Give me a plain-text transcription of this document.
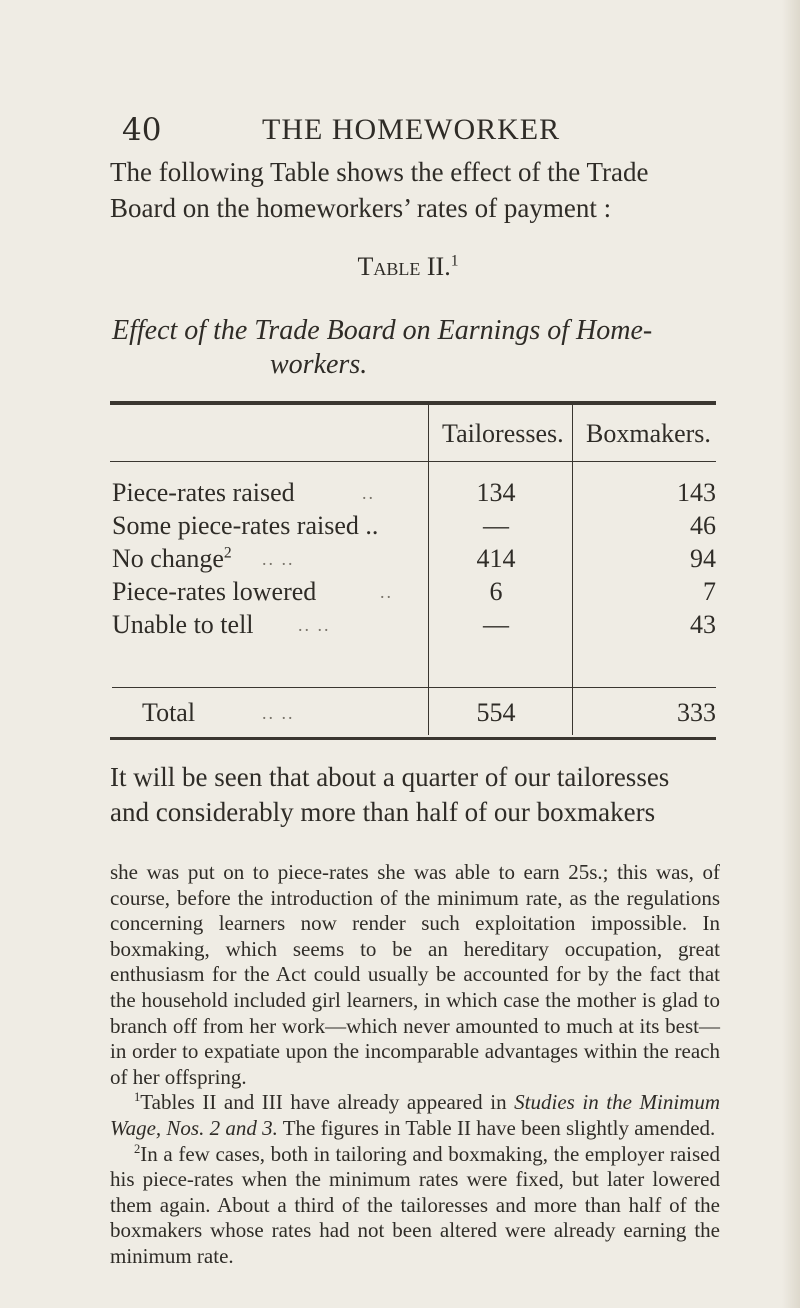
40	THE HOMEWORKER
The following Table shows the effect of the Trade
Board on the homeworkers’ rates of payment :
Table II.$^1$
Effect of the Trade Board on Earnings of Home-
workers.
Tailoresses. Boxmakers.
Piece-rates raised	..	134	143
Some piece-rates raised ..	—	46
No change$^2$ .. ..	414	94
Piece-rates lowered	..	6	7
Unable to tell .. ..	—	43
Total	.. ..	554	333
It will be seen that about a quarter of our tailoresses
and considerably more than half of our boxmakers
she was put on to piece-rates she was able to earn 25s.; this was, of course, before the introduction of the minimum rate, as the regulations concerning learners now render such exploitation impossible. In boxmaking, which seems to be an hereditary occupation, great enthusiasm for the Act could usually be accounted for by the fact that the household included girl learners, in which case the mother is glad to branch off from her work—which never amounted to much at its best—in order to expatiate upon the incomparable advantages within the reach of her offspring.
$^1$Tables II and III have already appeared in Studies in the Minimum Wage, Nos. 2 and 3. The figures in Table II have been slightly amended.
$^2$In a few cases, both in tailoring and boxmaking, the employer raised his piece-rates when the minimum rates were fixed, but later lowered them again. About a third of the tailoresses and more than half of the boxmakers whose rates had not been altered were already earning the minimum rate.
